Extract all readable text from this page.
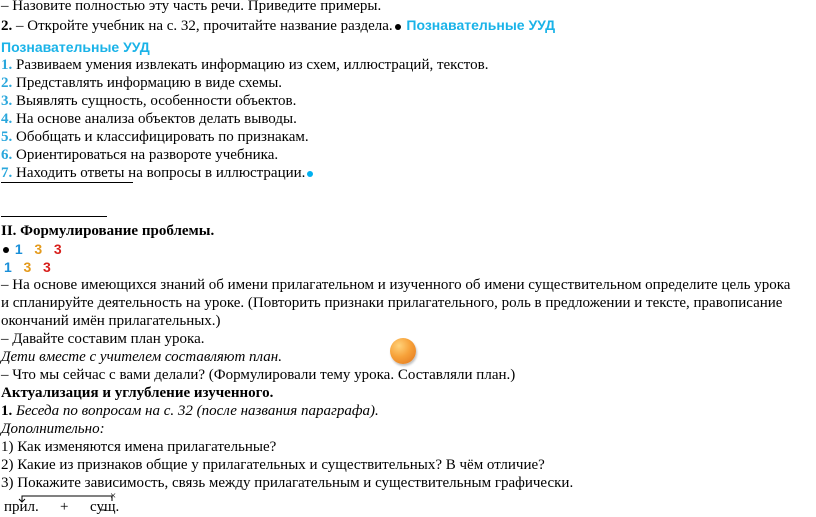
– Назовите полностью эту часть речи. Приведите примеры.
2. – Откройте учебник на с. 32, прочитайте название раздела. Познавательные УУД
Познавательные УУД
1. Развиваем умения извлекать информацию из схем, иллюстраций, текстов.
2. Представлять информацию в виде схемы.
3. Выявлять сущность, особенности объектов.
4. На основе анализа объектов делать выводы.
5. Обобщать и классифицировать по признакам.
6. Ориентироваться на развороте учебника.
7. Находить ответы на вопросы в иллюстрации.
II. Формулирование проблемы.
1 3 3
1 3 3
– На основе имеющихся знаний об имени прилагательном и изученного об имени существительном определите цель урока
и спланируйте деятельность на уроке. (Повторить признаки прилагательного, роль в предложении и тексте, правописание
окончаний имён прилагательных.)
– Давайте составим план урока.
Дети вместе с учителем составляют план.
– Что мы сейчас с вами делали? (Формулировали тему урока. Составляли план.)
Актуализация и углубление изученного.
1. Беседа по вопросам на с. 32 (после названия параграфа).
Дополнительно:
1) Как изменяются имена прилагательные?
2) Какие из признаков общие у прилагательных и существительных? В чём отличие?
3) Покажите зависимость, связь между прилагательным и существительным графически.
прил. + сущ.
×
